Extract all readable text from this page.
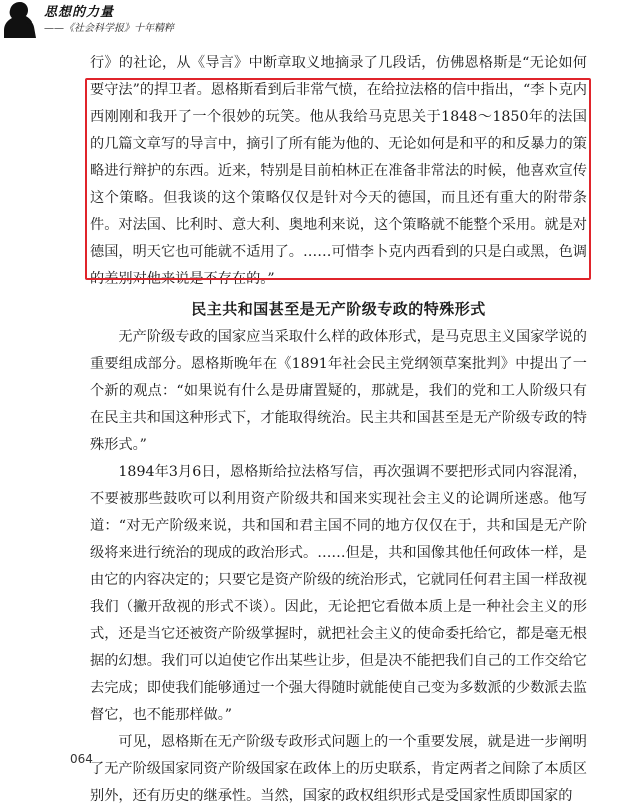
思想的力量
——《社会科学报》十年精粹

行》的社论，从《导言》中断章取义地摘录了几段话，仿佛恩格斯是“无论如何要守法”的捍卫者。恩格斯看到后非常气愤，在给拉法格的信中指出，“李卜克内西刚刚和我开了一个很妙的玩笑。他从我给马克思关于1848～1850年的法国的几篇文章写的导言中，摘引了所有能为他的、无论如何是和平的和反暴力的策略进行辩护的东西。近来，特别是目前柏林正在准备非常法的时候，他喜欢宣传这个策略。但我谈的这个策略仅仅是针对今天的德国，而且还有重大的附带条件。对法国、比利时、意大利、奥地利来说，这个策略就不能整个采用。就是对德国，明天它也可能就不适用了。……可惜李卜克内西看到的只是白或黑，色调的差别对他来说是不存在的。”

民主共和国甚至是无产阶级专政的特殊形式

无产阶级专政的国家应当采取什么样的政体形式，是马克思主义国家学说的重要组成部分。恩格斯晚年在《1891年社会民主党纲领草案批判》中提出了一个新的观点：“如果说有什么是毋庸置疑的，那就是，我们的党和工人阶级只有在民主共和国这种形式下，才能取得统治。民主共和国甚至是无产阶级专政的特殊形式。”

1894年3月6日，恩格斯给拉法格写信，再次强调不要把形式同内容混淆，不要被那些鼓吹可以利用资产阶级共和国来实现社会主义的论调所迷惑。他写道：“对无产阶级来说，共和国和君主国不同的地方仅仅在于，共和国是无产阶级将来进行统治的现成的政治形式。……但是，共和国像其他任何政体一样，是由它的内容决定的；只要它是资产阶级的统治形式，它就同任何君主国一样敌视我们（撇开敌视的形式不谈）。因此，无论把它看做本质上是一种社会主义的形式，还是当它还被资产阶级掌握时，就把社会主义的使命委托给它，都是毫无根据的幻想。我们可以迫使它作出某些让步，但是决不能把我们自己的工作交给它去完成；即使我们能够通过一个强大得随时就能使自己变为多数派的少数派去监督它，也不能那样做。”

可见，恩格斯在无产阶级专政形式问题上的一个重要发展，就是进一步阐明了无产阶级国家同资产阶级国家在政体上的历史联系，肯定两者之间除了本质区别外，还有历史的继承性。当然，国家的政权组织形式是受国家性质即国家的

064
